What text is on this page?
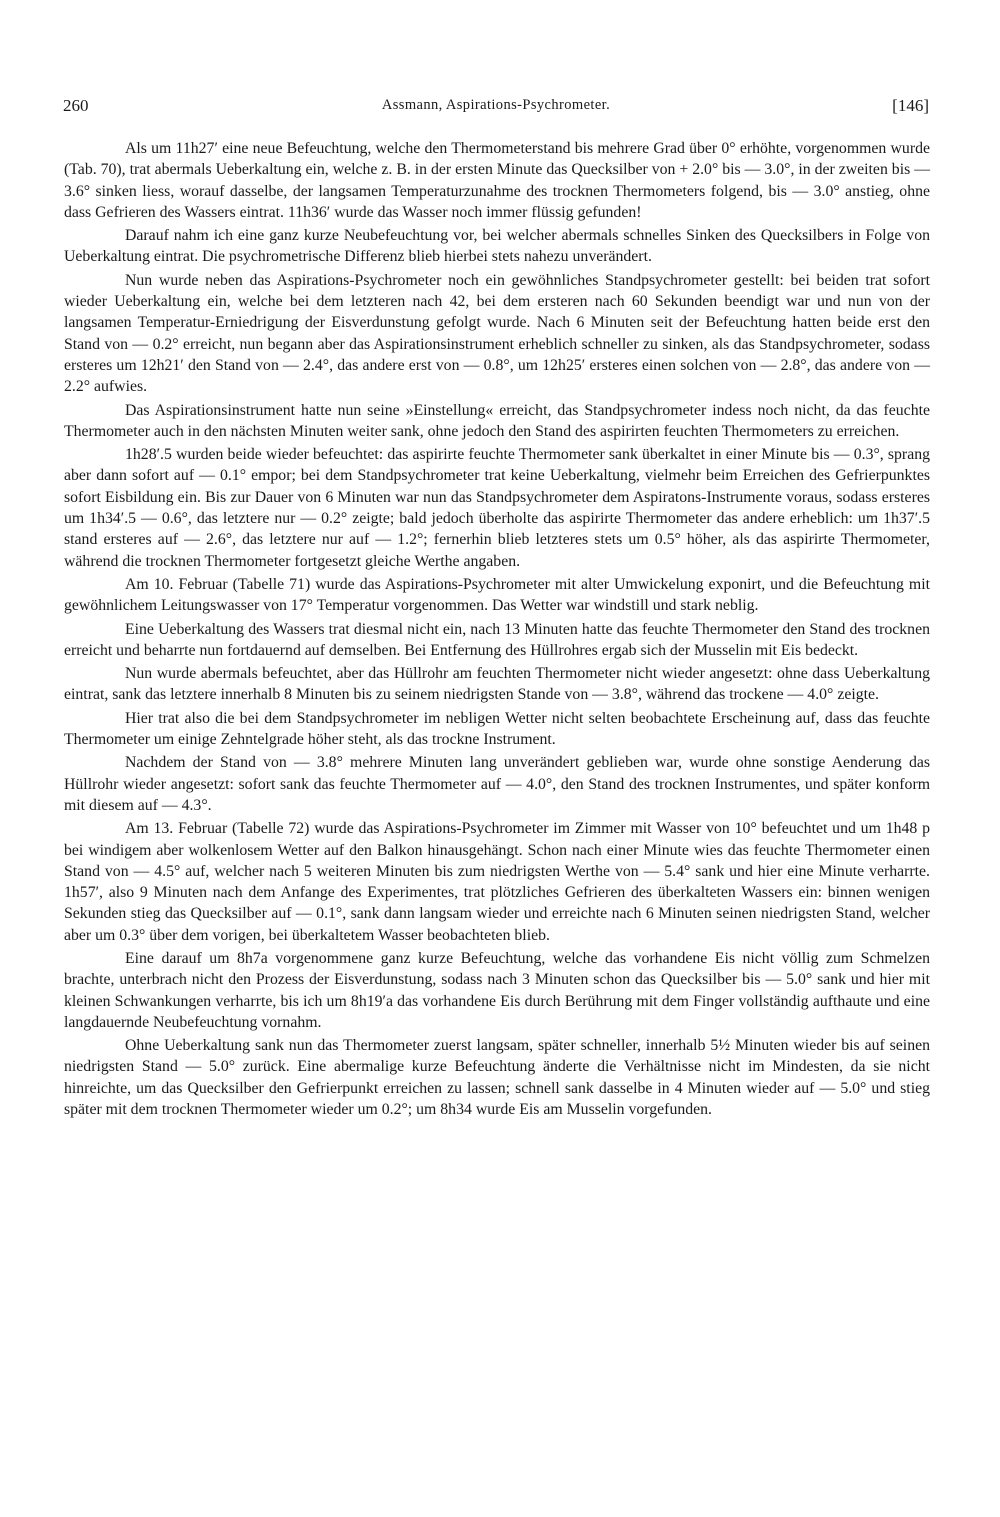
260	Assmann, Aspirations-Psychrometer.	[146]

Als um 11h27′ eine neue Befeuchtung, welche den Thermometerstand bis mehrere Grad über 0° erhöhte, vorgenommen wurde (Tab. 70), trat abermals Ueberkaltung ein, welche z. B. in der ersten Minute das Quecksilber von + 2.0° bis — 3.0°, in der zweiten bis — 3.6° sinken liess, worauf dasselbe, der langsamen Temperaturzunahme des trocknen Thermometers folgend, bis — 3.0° anstieg, ohne dass Gefrieren des Wassers eintrat. 11h36′ wurde das Wasser noch immer flüssig gefunden!

Darauf nahm ich eine ganz kurze Neubefeuchtung vor, bei welcher abermals schnelles Sinken des Quecksilbers in Folge von Ueberkaltung eintrat. Die psychrometrische Differenz blieb hierbei stets nahezu unverändert.

Nun wurde neben das Aspirations-Psychrometer noch ein gewöhnliches Standpsychrometer gestellt: bei beiden trat sofort wieder Ueberkaltung ein, welche bei dem letzteren nach 42, bei dem ersteren nach 60 Sekunden beendigt war und nun von der langsamen Temperatur-Erniedrigung der Eisverdunstung gefolgt wurde. Nach 6 Minuten seit der Befeuchtung hatten beide erst den Stand von — 0.2° erreicht, nun begann aber das Aspirationsinstrument erheblich schneller zu sinken, als das Standpsychrometer, sodass ersteres um 12h21′ den Stand von — 2.4°, das andere erst von — 0.8°, um 12h25′ ersteres einen solchen von — 2.8°, das andere von — 2.2° aufwies.

Das Aspirationsinstrument hatte nun seine »Einstellung« erreicht, das Standpsychrometer indess noch nicht, da das feuchte Thermometer auch in den nächsten Minuten weiter sank, ohne jedoch den Stand des aspirirten feuchten Thermometers zu erreichen.

1h28′.5 wurden beide wieder befeuchtet: das aspirirte feuchte Thermometer sank überkaltet in einer Minute bis — 0.3°, sprang aber dann sofort auf — 0.1° empor; bei dem Standpsychrometer trat keine Ueberkaltung, vielmehr beim Erreichen des Gefrierpunktes sofort Eisbildung ein. Bis zur Dauer von 6 Minuten war nun das Standpsychrometer dem Aspiratons-Instrumente voraus, sodass ersteres um 1h34′.5 — 0.6°, das letztere nur — 0.2° zeigte; bald jedoch überholte das aspirirte Thermometer das andere erheblich: um 1h37′.5 stand ersteres auf — 2.6°, das letztere nur auf — 1.2°; fernerhin blieb letzteres stets um 0.5° höher, als das aspirirte Thermometer, während die trocknen Thermometer fortgesetzt gleiche Werthe angaben.

Am 10. Februar (Tabelle 71) wurde das Aspirations-Psychrometer mit alter Umwickelung exponirt, und die Befeuchtung mit gewöhnlichem Leitungswasser von 17° Temperatur vorgenommen. Das Wetter war windstill und stark neblig.

Eine Ueberkaltung des Wassers trat diesmal nicht ein, nach 13 Minuten hatte das feuchte Thermometer den Stand des trocknen erreicht und beharrte nun fortdauernd auf demselben. Bei Entfernung des Hüllrohres ergab sich der Musselin mit Eis bedeckt.

Nun wurde abermals befeuchtet, aber das Hüllrohr am feuchten Thermometer nicht wieder angesetzt: ohne dass Ueberkaltung eintrat, sank das letztere innerhalb 8 Minuten bis zu seinem niedrigsten Stande von — 3.8°, während das trockene — 4.0° zeigte.

Hier trat also die bei dem Standpsychrometer im nebligen Wetter nicht selten beobachtete Erscheinung auf, dass das feuchte Thermometer um einige Zehntelgrade höher steht, als das trockne Instrument.

Nachdem der Stand von — 3.8° mehrere Minuten lang unverändert geblieben war, wurde ohne sonstige Aenderung das Hüllrohr wieder angesetzt: sofort sank das feuchte Thermometer auf — 4.0°, den Stand des trocknen Instrumentes, und später konform mit diesem auf — 4.3°.

Am 13. Februar (Tabelle 72) wurde das Aspirations-Psychrometer im Zimmer mit Wasser von 10° befeuchtet und um 1h48 p bei windigem aber wolkenlosem Wetter auf den Balkon hinausgehängt. Schon nach einer Minute wies das feuchte Thermometer einen Stand von — 4.5° auf, welcher nach 5 weiteren Minuten bis zum niedrigsten Werthe von — 5.4° sank und hier eine Minute verharrte. 1h57′, also 9 Minuten nach dem Anfange des Experimentes, trat plötzliches Gefrieren des überkalteten Wassers ein: binnen wenigen Sekunden stieg das Quecksilber auf — 0.1°, sank dann langsam wieder und erreichte nach 6 Minuten seinen niedrigsten Stand, welcher aber um 0.3° über dem vorigen, bei überkaltetem Wasser beobachteten blieb.

Eine darauf um 8h7a vorgenommene ganz kurze Befeuchtung, welche das vorhandene Eis nicht völlig zum Schmelzen brachte, unterbrach nicht den Prozess der Eisverdunstung, sodass nach 3 Minuten schon das Quecksilber bis — 5.0° sank und hier mit kleinen Schwankungen verharrte, bis ich um 8h19′a das vorhandene Eis durch Berührung mit dem Finger vollständig aufthaute und eine langdauernde Neubefeuchtung vornahm.

Ohne Ueberkaltung sank nun das Thermometer zuerst langsam, später schneller, innerhalb 5½ Minuten wieder bis auf seinen niedrigsten Stand — 5.0° zurück. Eine abermalige kurze Befeuchtung änderte die Verhältnisse nicht im Mindesten, da sie nicht hinreichte, um das Quecksilber den Gefrierpunkt erreichen zu lassen; schnell sank dasselbe in 4 Minuten wieder auf — 5.0° und stieg später mit dem trocknen Thermometer wieder um 0.2°; um 8h34 wurde Eis am Musselin vorgefunden.
